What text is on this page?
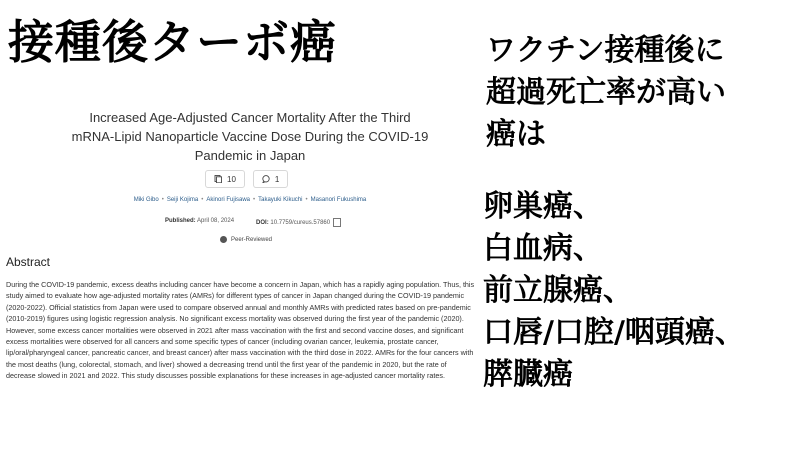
接種後ターボ癌	ワクチン接種後に
超過死亡率が高い
癌は
卵巣癌、
白血病、
前立腺癌、
口唇/口腔/咽頭癌、
膵臓癌
Increased Age-Adjusted Cancer Mortality After the Third
mRNA-Lipid Nanoparticle Vaccine Dose During the COVID-19
Pandemic in Japan
10	1
Miki Gibo • Seiji Kojima • Akinori Fujisawa • Takayuki Kikuchi • Masanori Fukushima
Published: April 08, 2024	DOI: 10.7759/cureus.57860
Peer-Reviewed
Abstract
During the COVID-19 pandemic, excess deaths including cancer have become a concern in Japan, which has a rapidly aging population. Thus, this study aimed to evaluate how age-adjusted mortality rates (AMRs) for different types of cancer in Japan changed during the COVID-19 pandemic (2020-2022). Official statistics from Japan were used to compare observed annual and monthly AMRs with predicted rates based on pre-pandemic (2010-2019) figures using logistic regression analysis. No significant excess mortality was observed during the first year of the pandemic (2020). However, some excess cancer mortalities were observed in 2021 after mass vaccination with the first and second vaccine doses, and significant excess mortalities were observed for all cancers and some specific types of cancer (including ovarian cancer, leukemia, prostate cancer, lip/oral/pharyngeal cancer, pancreatic cancer, and breast cancer) after mass vaccination with the third dose in 2022. AMRs for the four cancers with the most deaths (lung, colorectal, stomach, and liver) showed a decreasing trend until the first year of the pandemic in 2020, but the rate of decrease slowed in 2021 and 2022. This study discusses possible explanations for these increases in age-adjusted cancer mortality rates.
